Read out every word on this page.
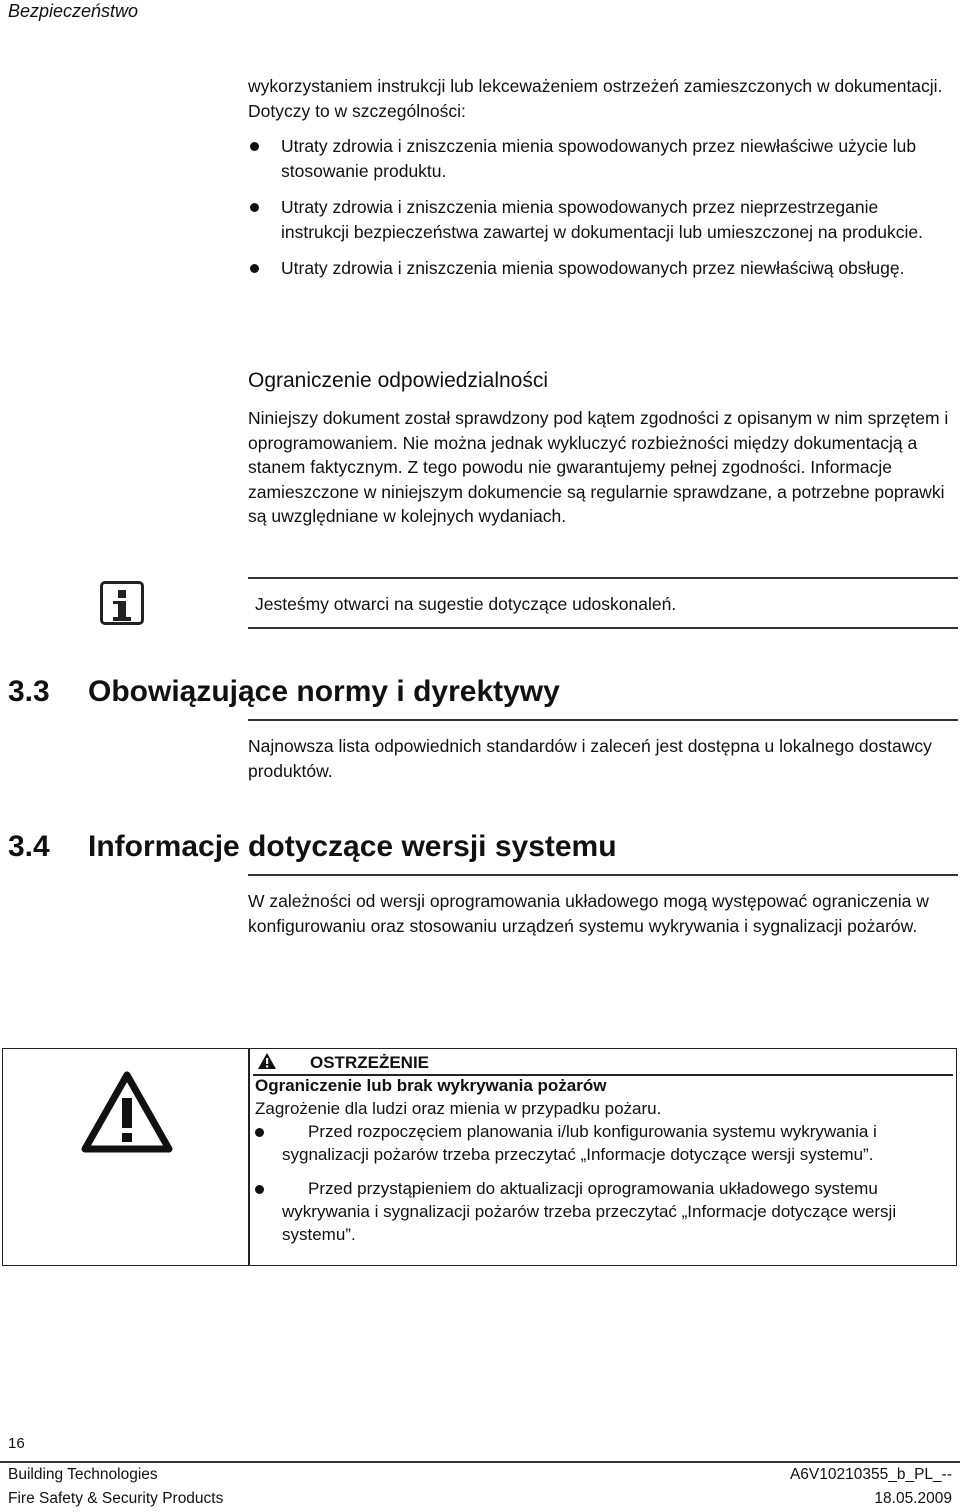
Bezpieczeństwo
wykorzystaniem instrukcji lub lekceważeniem ostrzeżeń zamieszczonych w dokumentacji. Dotyczy to w szczególności:
Utraty zdrowia i zniszczenia mienia spowodowanych przez niewłaściwe użycie lub stosowanie produktu.
Utraty zdrowia i zniszczenia mienia spowodowanych przez nieprzestrzeganie instrukcji bezpieczeństwa zawartej w dokumentacji lub umieszczonej na produkcie.
Utraty zdrowia i zniszczenia mienia spowodowanych przez niewłaściwą obsługę.
Ograniczenie odpowiedzialności
Niniejszy dokument został sprawdzony pod kątem zgodności z opisanym w nim sprzętem i oprogramowaniem. Nie można jednak wykluczyć rozbieżności między dokumentacją a stanem faktycznym. Z tego powodu nie gwarantujemy pełnej zgodności. Informacje zamieszczone w niniejszym dokumencie są regularnie sprawdzane, a potrzebne poprawki są uwzględniane w kolejnych wydaniach.
Jesteśmy otwarci na sugestie dotyczące udoskonaleń.
3.3 Obowiązujące normy i dyrektywy
Najnowsza lista odpowiednich standardów i zaleceń jest dostępna u lokalnego dostawcy produktów.
3.4 Informacje dotyczące wersji systemu
W zależności od wersji oprogramowania układowego mogą występować ograniczenia w konfigurowaniu oraz stosowaniu urządzeń systemu wykrywania i sygnalizacji pożarów.
OSTRZEŻENIE
Ograniczenie lub brak wykrywania pożarów
Zagrożenie dla ludzi oraz mienia w przypadku pożaru.
Przed rozpoczęciem planowania i/lub konfigurowania systemu wykrywania i sygnalizacji pożarów trzeba przeczytać „Informacje dotyczące wersji systemu”.
Przed przystąpieniem do aktualizacji oprogramowania układowego systemu wykrywania i sygnalizacji pożarów trzeba przeczytać „Informacje dotyczące wersji systemu”.
16
Building Technologies
Fire Safety & Security Products
A6V10210355_b_PL_--
18.05.2009
